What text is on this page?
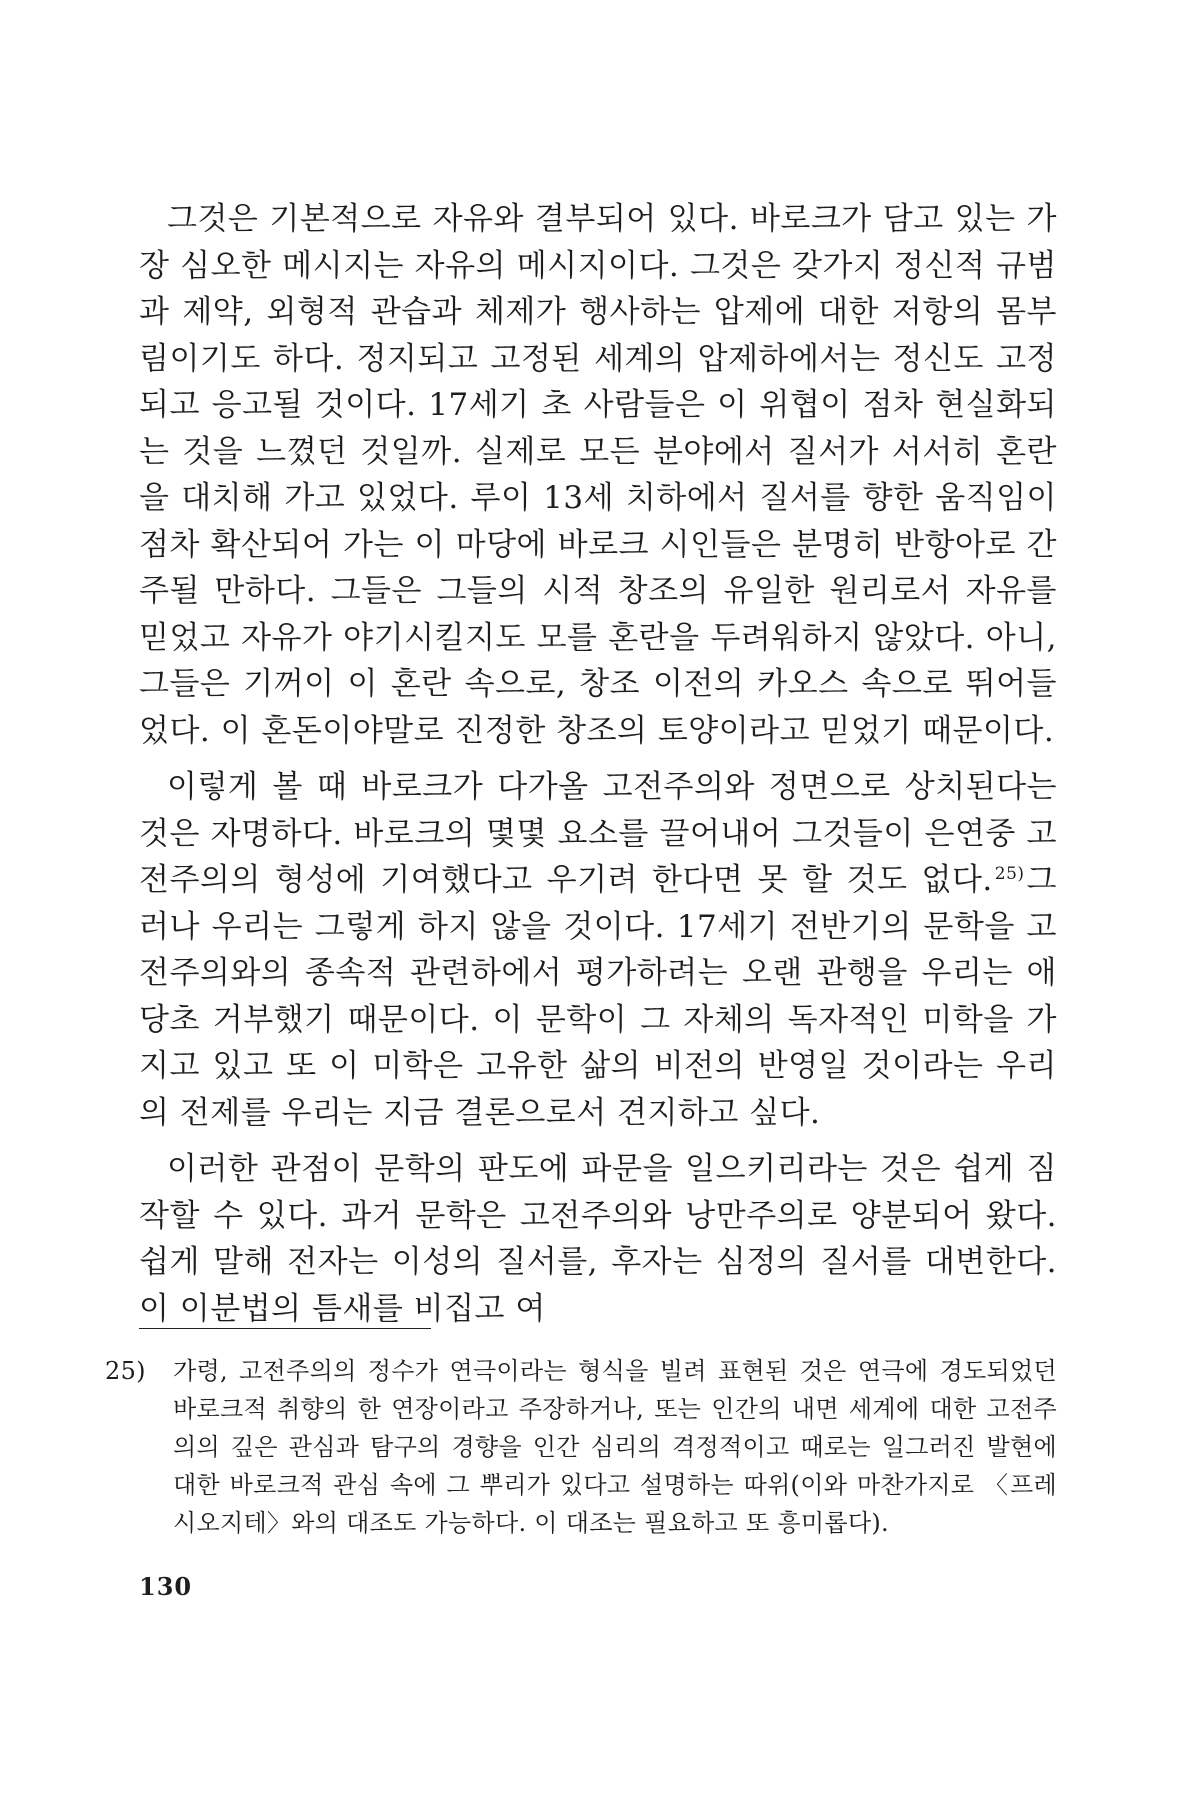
그것은 기본적으로 자유와 결부되어 있다. 바로크가 담고 있는 가장 심오한 메시지는 자유의 메시지이다. 그것은 갖가지 정신적 규범과 제약, 외형적 관습과 체제가 행사하는 압제에 대한 저항의 몸부림이기도 하다. 정지되고 고정된 세계의 압제하에서는 정신도 고정되고 응고될 것이다. 17세기 초 사람들은 이 위협이 점차 현실화되는 것을 느꼈던 것일까. 실제로 모든 분야에서 질서가 서서히 혼란을 대치해 가고 있었다. 루이 13세 치하에서 질서를 향한 움직임이 점차 확산되어 가는 이 마당에 바로크 시인들은 분명히 반항아로 간주될 만하다. 그들은 그들의 시적 창조의 유일한 원리로서 자유를 믿었고 자유가 야기시킬지도 모를 혼란을 두려워하지 않았다. 아니, 그들은 기꺼이 이 혼란 속으로, 창조 이전의 카오스 속으로 뛰어들었다. 이 혼돈이야말로 진정한 창조의 토양이라고 믿었기 때문이다.

이렇게 볼 때 바로크가 다가올 고전주의와 정면으로 상치된다는 것은 자명하다. 바로크의 몇몇 요소를 끌어내어 그것들이 은연중 고전주의의 형성에 기여했다고 우기려 한다면 못 할 것도 없다. $^{25)}$그러나 우리는 그렇게 하지 않을 것이다. 17세기 전반기의 문학을 고전주의와의 종속적 관련하에서 평가하려는 오랜 관행을 우리는 애당초 거부했기 때문이다. 이 문학이 그 자체의 독자적인 미학을 가지고 있고 또 이 미학은 고유한 삶의 비전의 반영일 것이라는 우리의 전제를 우리는 지금 결론으로서 견지하고 싶다.

이러한 관점이 문학의 판도에 파문을 일으키리라는 것은 쉽게 짐작할 수 있다. 과거 문학은 고전주의와 낭만주의로 양분되어 왔다. 쉽게 말해 전자는 이성의 질서를, 후자는 심정의 질서를 대변한다. 이 이분법의 틈새를 비집고 여

25) 가령, 고전주의의 정수가 연극이라는 형식을 빌려 표현된 것은 연극에 경도되었던 바로크적 취향의 한 연장이라고 주장하거나, 또는 인간의 내면 세계에 대한 고전주의의 깊은 관심과 탐구의 경향을 인간 심리의 격정적이고 때로는 일그러진 발현에 대한 바로크적 관심 속에 그 뿌리가 있다고 설명하는 따위(이와 마찬가지로 〈프레시오지테〉와의 대조도 가능하다. 이 대조는 필요하고 또 흥미롭다).
130
